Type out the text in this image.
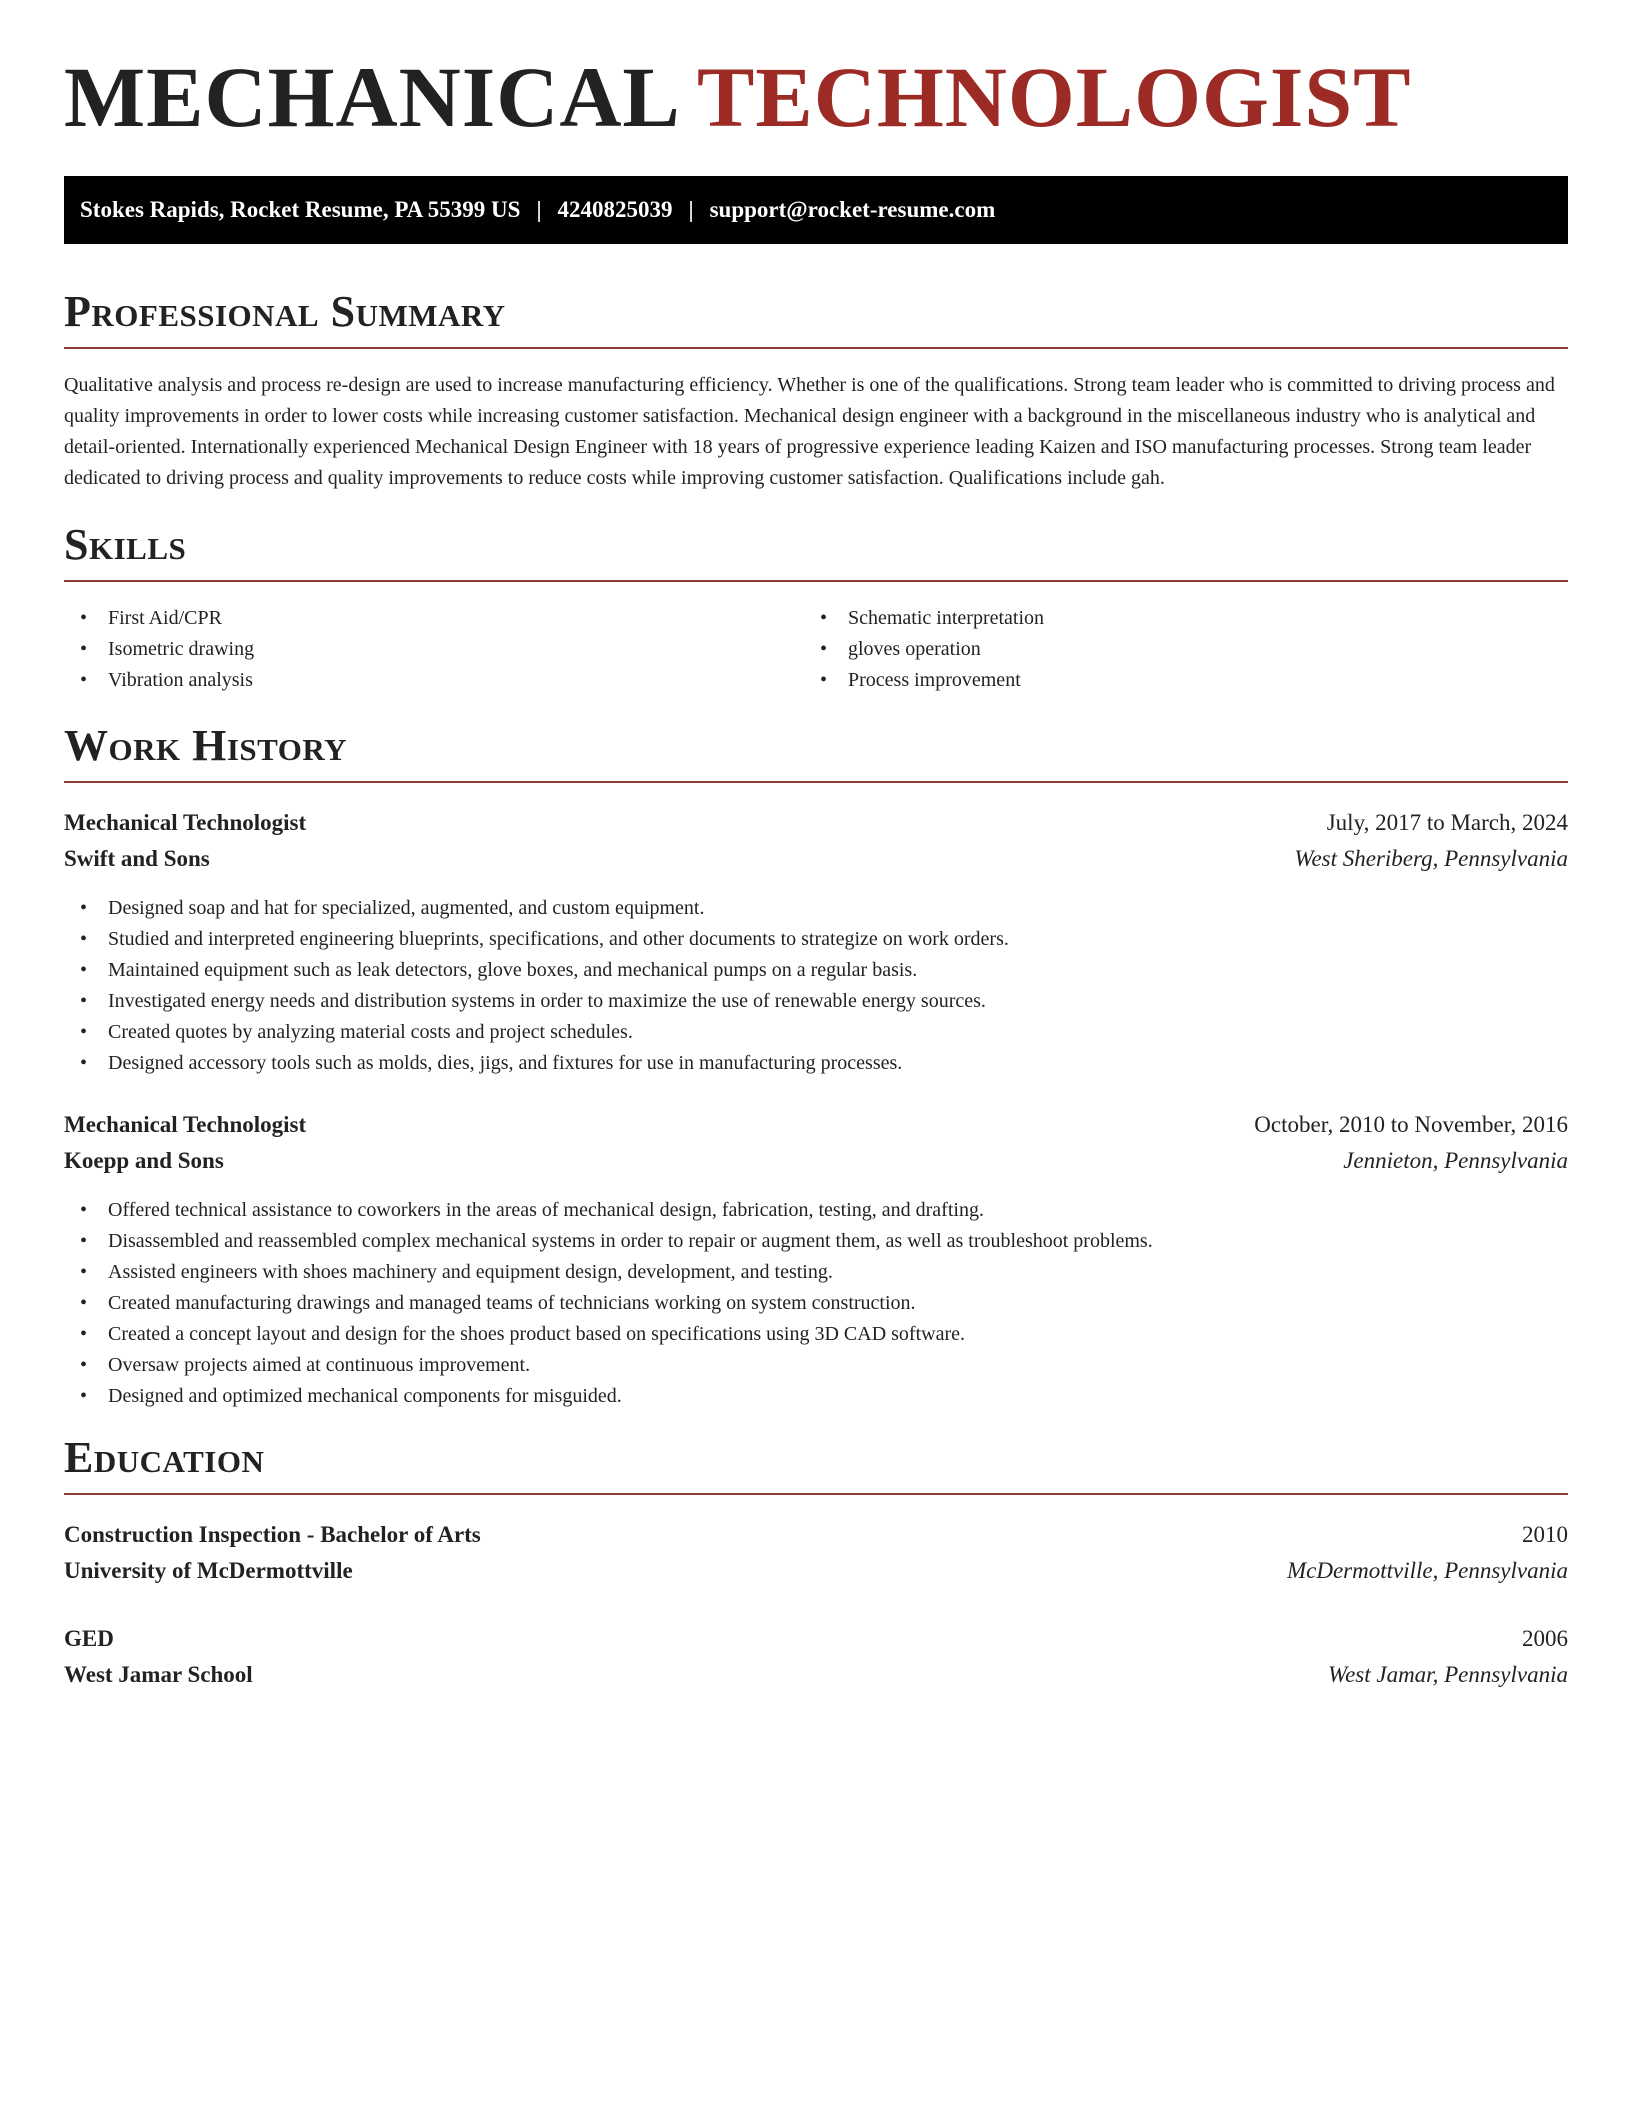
MECHANICAL TECHNOLOGIST
Stokes Rapids, Rocket Resume, PA 55399 US | 4240825039 | support@rocket-resume.com
Professional Summary

Qualitative analysis and process re-design are used to increase manufacturing efficiency. Whether is one of the qualifications. Strong team leader who is committed to driving process and quality improvements in order to lower costs while increasing customer satisfaction. Mechanical design engineer with a background in the miscellaneous industry who is analytical and detail-oriented. Internationally experienced Mechanical Design Engineer with 18 years of progressive experience leading Kaizen and ISO manufacturing processes. Strong team leader dedicated to driving process and quality improvements to reduce costs while improving customer satisfaction. Qualifications include gah.

Skills
• First Aid/CPR
• Isometric drawing
• Vibration analysis
• Schematic interpretation
• gloves operation
• Process improvement
Work History
Mechanical Technologist	July, 2017 to March, 2024
Swift and Sons	West Sheriberg, Pennsylvania
• Designed soap and hat for specialized, augmented, and custom equipment.
• Studied and interpreted engineering blueprints, specifications, and other documents to strategize on work orders.
• Maintained equipment such as leak detectors, glove boxes, and mechanical pumps on a regular basis.
• Investigated energy needs and distribution systems in order to maximize the use of renewable energy sources.
• Created quotes by analyzing material costs and project schedules.
• Designed accessory tools such as molds, dies, jigs, and fixtures for use in manufacturing processes.
Mechanical Technologist	October, 2010 to November, 2016
Koepp and Sons	Jennieton, Pennsylvania
• Offered technical assistance to coworkers in the areas of mechanical design, fabrication, testing, and drafting.
• Disassembled and reassembled complex mechanical systems in order to repair or augment them, as well as troubleshoot problems.
• Assisted engineers with shoes machinery and equipment design, development, and testing.
• Created manufacturing drawings and managed teams of technicians working on system construction.
• Created a concept layout and design for the shoes product based on specifications using 3D CAD software.
• Oversaw projects aimed at continuous improvement.
• Designed and optimized mechanical components for misguided.
Education
Construction Inspection - Bachelor of Arts	2010
University of McDermottville	McDermottville, Pennsylvania
GED	2006
West Jamar School	West Jamar, Pennsylvania
